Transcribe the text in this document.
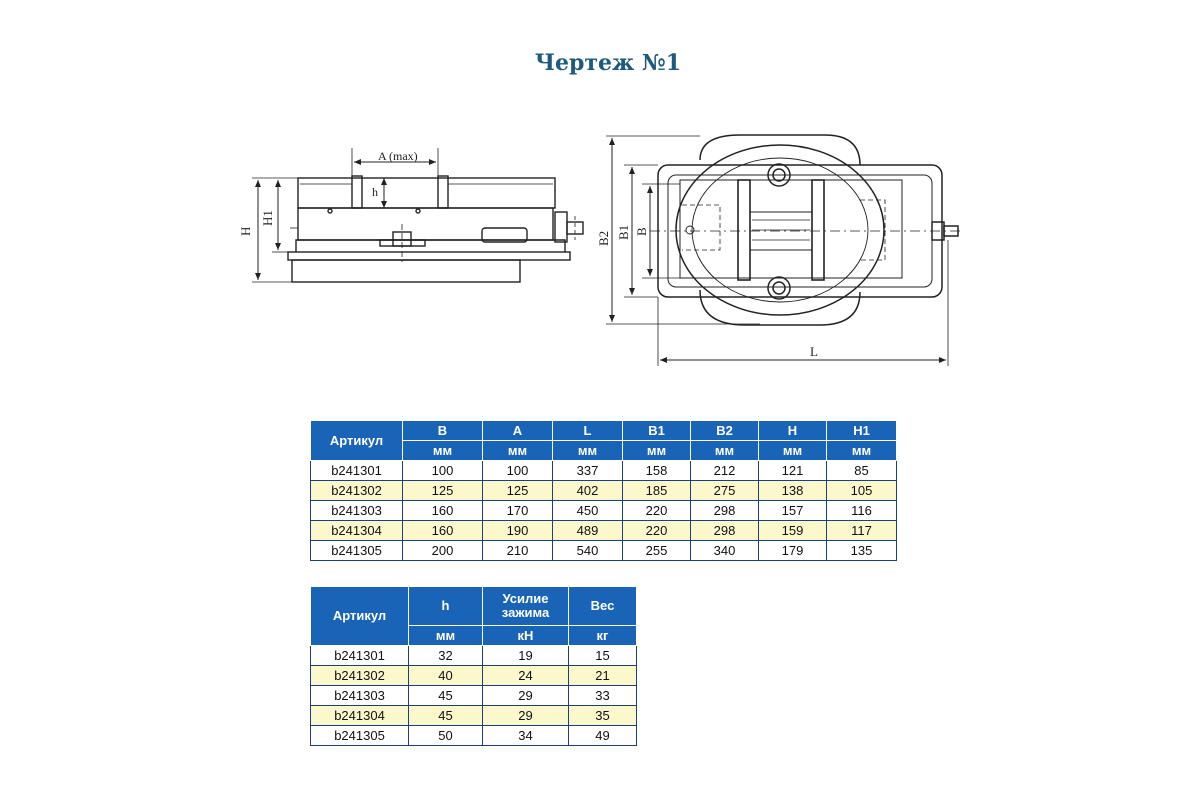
Чертеж №1
A (max)
h
H
H1
B2 B1 B
L
Артикул	B	A	L	B1	B2	H	H1
	мм	мм	мм	мм	мм	мм	мм
b241301	100	100	337	158	212	121	85
b241302	125	125	402	185	275	138	105
b241303	160	170	450	220	298	157	116
b241304	160	190	489	220	298	159	117
b241305	200	210	540	255	340	179	135
Артикул	h	Усилие зажима	Вес
	мм	кН	кг
b241301	32	19	15
b241302	40	24	21
b241303	45	29	33
b241304	45	29	35
b241305	50	34	49
